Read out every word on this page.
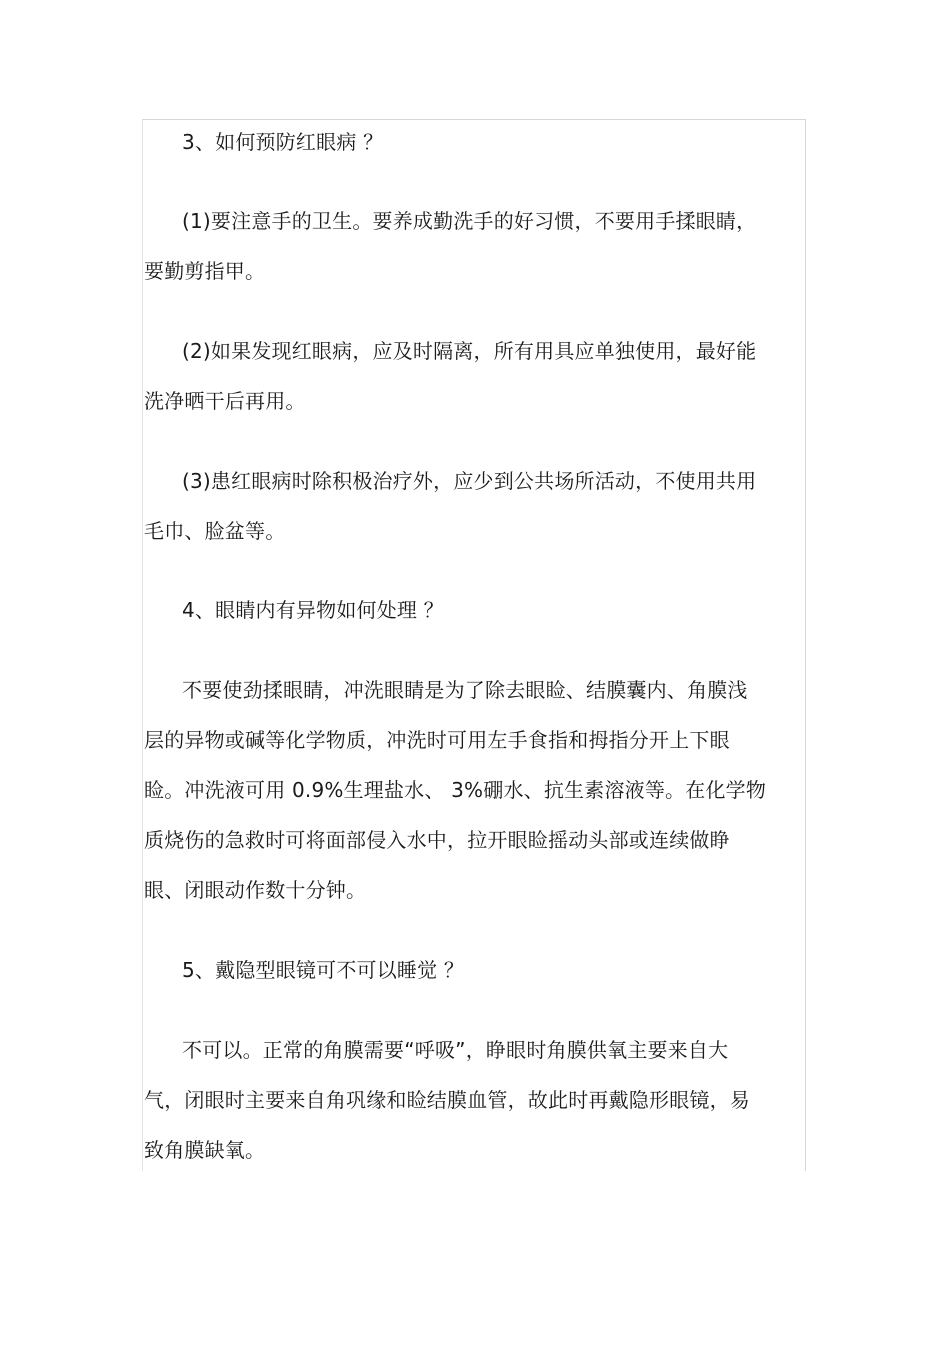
3、如何预防红眼病 ？
(1)要注意手的卫生。要养成勤洗手的好习惯，不要用手揉眼睛，
要勤剪指甲。
(2)如果发现红眼病，应及时隔离，所有用具应单独使用，最好能
洗净晒干后再用。
(3)患红眼病时除积极治疗外，应少到公共场所活动，不使用共用
毛巾、脸盆等。
4、眼睛内有异物如何处理 ？
不要使劲揉眼睛，冲洗眼睛是为了除去眼睑、结膜囊内、角膜浅
层的异物或碱等化学物质，冲洗时可用左手食指和拇指分开上下眼
睑。冲洗液可用 0.9%生理盐水、 3%硼水、抗生素溶液等。在化学物
质烧伤的急救时可将面部侵入水中，拉开眼睑摇动头部或连续做睁
眼、闭眼动作数十分钟。
5、戴隐型眼镜可不可以睡觉 ？
不可以。正常的角膜需要“呼吸”，睁眼时角膜供氧主要来自大
气，闭眼时主要来自角巩缘和睑结膜血管，故此时再戴隐形眼镜，易
致角膜缺氧。
